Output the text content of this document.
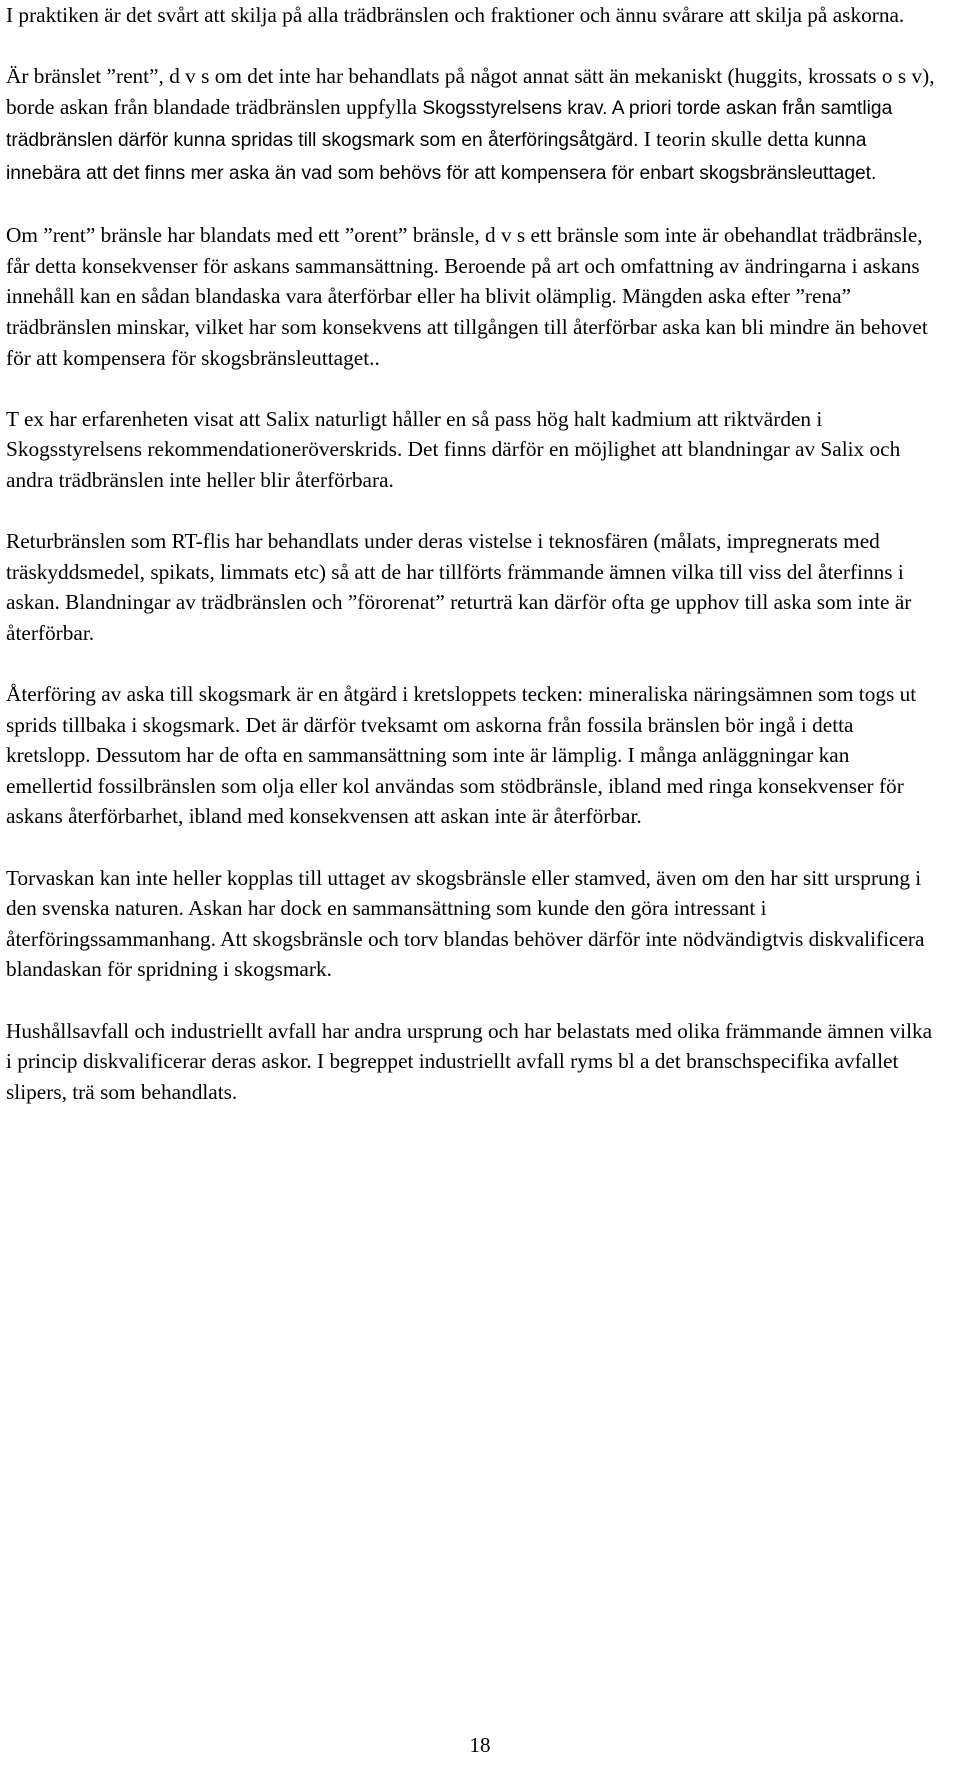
I praktiken är det svårt att skilja på alla trädbränslen och fraktioner och ännu svårare att skilja på askorna.

Är bränslet ”rent”, d v s om det inte har behandlats på något annat sätt än mekaniskt (huggits, krossats o s v), borde askan från blandade trädbränslen uppfylla Skogsstyrelsens krav. A priori torde askan från samtliga trädbränslen därför kunna spridas till skogsmark som en återföringsåtgärd. I teorin skulle detta kunna innebära att det finns mer aska än vad som behövs för att kompensera för enbart skogsbränsleuttaget.

Om ”rent” bränsle har blandats med ett ”orent” bränsle, d v s ett bränsle som inte är obehandlat trädbränsle, får detta konsekvenser för askans sammansättning. Beroende på art och omfattning av ändringarna i askans innehåll kan en sådan blandaska vara återförbar eller ha blivit olämplig. Mängden aska efter ”rena” trädbränslen minskar, vilket har som konsekvens att tillgången till återförbar aska kan bli mindre än behovet för att kompensera för skogsbränsleuttaget..

T ex har erfarenheten visat att Salix naturligt håller en så pass hög halt kadmium att riktvärden i Skogsstyrelsens rekommendationeröverskrids. Det finns därför en möjlighet att blandningar av Salix och andra trädbränslen inte heller blir återförbara.

Returbränslen som RT-flis har behandlats under deras vistelse i teknosfären (målats, impregnerats med träskyddsmedel, spikats, limmats etc) så att de har tillförts främmande ämnen vilka till viss del återfinns i askan. Blandningar av trädbränslen och ”förorenat” returträ kan därför ofta ge upphov till aska som inte är återförbar.

Återföring av aska till skogsmark är en åtgärd i kretsloppets tecken: mineraliska näringsämnen som togs ut sprids tillbaka i skogsmark. Det är därför tveksamt om askorna från fossila bränslen bör ingå i detta kretslopp. Dessutom har de ofta en sammansättning som inte är lämplig. I många anläggningar kan emellertid fossilbränslen som olja eller kol användas som stödbränsle, ibland med ringa konsekvenser för askans återförbarhet, ibland med konsekvensen att askan inte är återförbar.

Torvaskan kan inte heller kopplas till uttaget av skogsbränsle eller stamved, även om den har sitt ursprung i den svenska naturen. Askan har dock en sammansättning som kunde den göra intressant i återföringssammanhang. Att skogsbränsle och torv blandas behöver därför inte nödvändigtvis diskvalificera blandaskan för spridning i skogsmark.

Hushållsavfall och industriellt avfall har andra ursprung och har belastats med olika främmande ämnen vilka i princip diskvalificerar deras askor. I begreppet industriellt avfall ryms bl a det branschspecifika avfallet slipers, trä som behandlats.

18
